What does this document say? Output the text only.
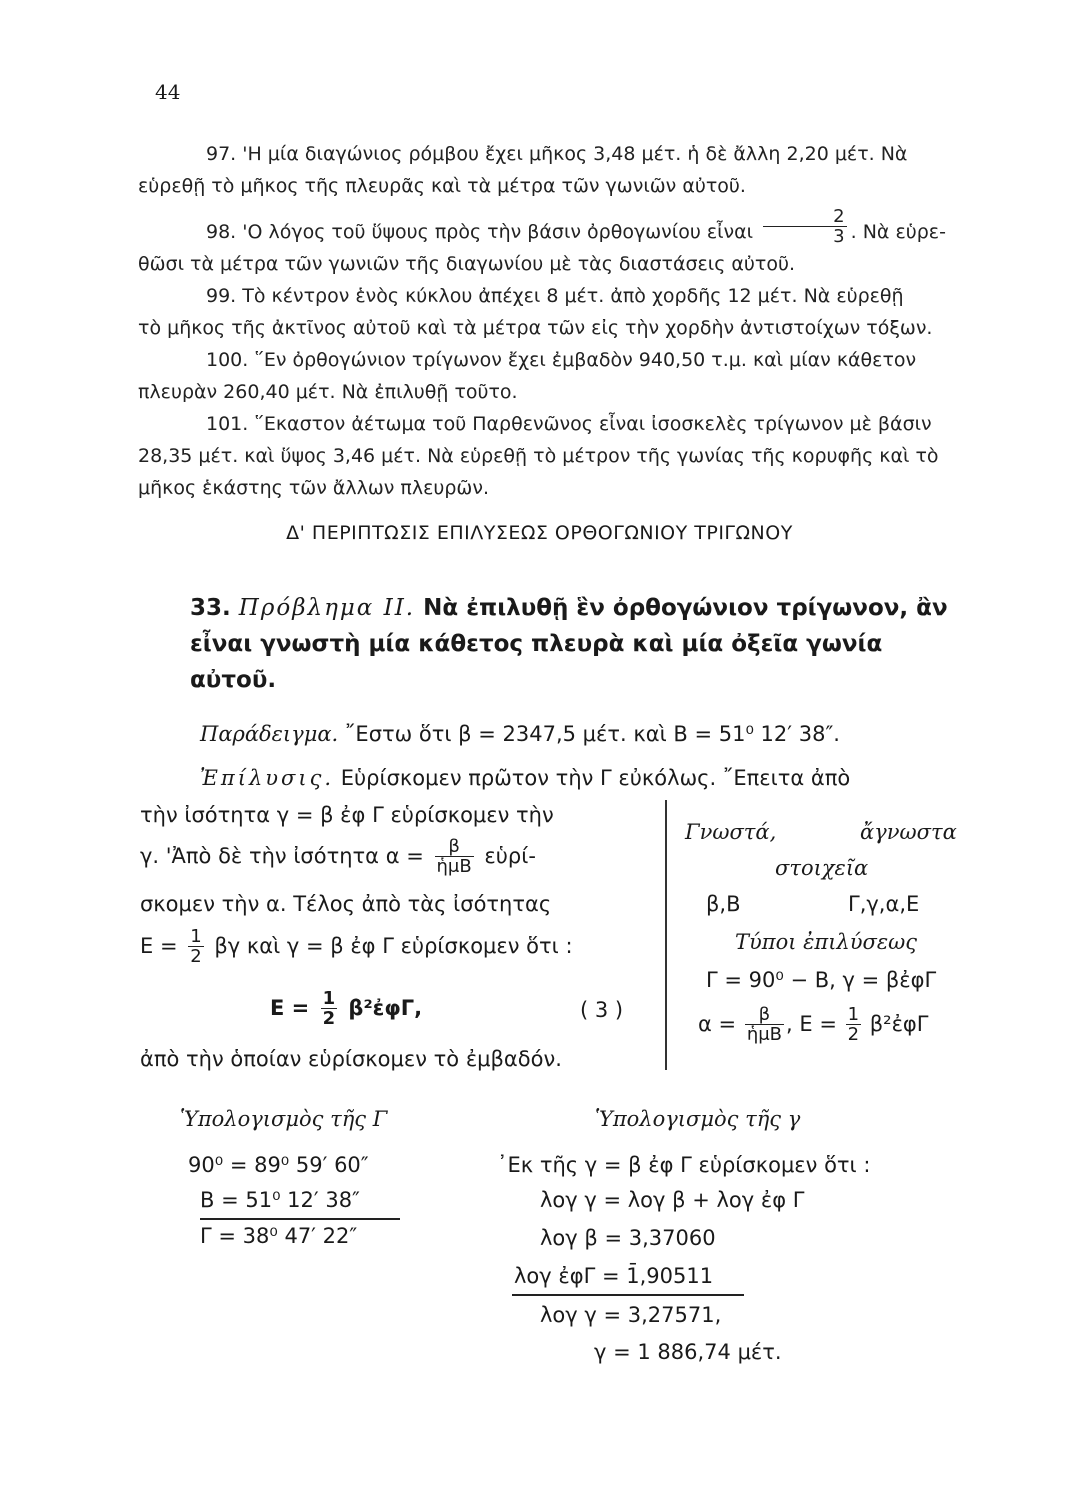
44

97. 'Η μία διαγώνιος ρόμβου ἔχει μῆκος 3,48 μέτ. ἡ δὲ ἄλλη 2,20 μέτ. Νὰ

εὑρεθῇ τὸ μῆκος τῆς πλευρᾶς καὶ τὰ μέτρα τῶν γωνιῶν αὐτοῦ.

98. 'Ο λόγος τοῦ ὕψους πρὸς τὴν βάσιν ὀρθογωνίου εἶναι $\frac{2}{3}$ . Νὰ εὑρε-

θῶσι τὰ μέτρα τῶν γωνιῶν τῆς διαγωνίου μὲ τὰς διαστάσεις αὐτοῦ.

99. Τὸ κέντρον ἑνὸς κύκλου ἀπέχει 8 μέτ. ἀπὸ χορδῆς 12 μέτ. Νὰ εὑρεθῇ

τὸ μῆκος τῆς ἀκτῖνος αὐτοῦ καὶ τὰ μέτρα τῶν εἰς τὴν χορδὴν ἀντιστοίχων τόξων.

100. ῞Εν ὀρθογώνιον τρίγωνον ἔχει ἐμβαδὸν 940,50 τ.μ. καὶ μίαν κάθετον

πλευρὰν 260,40 μέτ. Νὰ ἐπιλυθῇ τοῦτο.

101. ῞Εκαστον ἀέτωμα τοῦ Παρθενῶνος εἶναι ἰσοσκελὲς τρίγωνον μὲ βάσιν

28,35 μέτ. καὶ ὕψος 3,46 μέτ. Νὰ εὑρεθῇ τὸ μέτρον τῆς γωνίας τῆς κορυφῆς καὶ τὸ

μῆκος ἑκάστης τῶν ἄλλων πλευρῶν.

Δ' ΠΕΡΙΠΤΩΣΙΣ ΕΠΙΛΥΣΕΩΣ ΟΡΘΟΓΩΝΙΟΥ ΤΡΙΓΩΝΟΥ
33. Πρόβλημα ΙΙ. Νὰ ἐπιλυθῇ ἓν ὀρθογώνιον τρίγωνον, ἂν εἶναι γνωστὴ μία κάθετος πλευρὰ καὶ μία ὀξεῖα γωνία αὐτοῦ.
Παράδειγμα. ῎Εστω ὅτι β = 2347,5 μέτ. καὶ Β = 51⁰ 12′ 38″.
Ἐπίλυσις. Εὑρίσκομεν πρῶτον τὴν Γ εὐκόλως. ῎Επειτα ἀπὸ
τὴν ἰσότητα γ = β ἐφ Γ εὑρίσκομεν τὴν
γ. 'Ἀπὸ δὲ τὴν ἰσότητα $\alpha = \frac{\beta}{\text{ἡμΒ}}$ εὑρί-
σκομεν τὴν α. Τέλος ἀπὸ τὰς ἰσότητας
$E = \frac{1}{2}$ βγ καὶ γ = β ἐφ Γ εὑρίσκομεν ὅτι :
$E = \frac{1}{2}$ β²ἐφΓ,	( 3 )
ἀπὸ τὴν ὁποίαν εὑρίσκομεν τὸ ἐμβαδόν.
Γνωστά,	ἄγνωστα
στοιχεῖα
β,Β	Γ,γ,α,Ε
Τύποι ἐπιλύσεως
Γ = 90⁰ − Β, γ = βἐφΓ
$\alpha = \frac{\beta}{\text{ἡμΒ}}$ , $E = \frac{1}{2}$ β²ἐφΓ
Ὑπολογισμὸς τῆς Γ
90⁰ = 89⁰ 59′ 60″
Β = 51⁰ 12′ 38″
Γ = 38⁰ 47′ 22″
Ὑπολογισμὸς τῆς γ
᾿Εκ τῆς γ = β ἐφ Γ εὑρίσκομεν ὅτι :
λογ γ = λογ β + λογ ἐφ Γ
λογ β = 3,37060
λογ ἐφΓ = 1̄,90511
λογ γ = 3,27571,
γ = 1 886,74 μέτ.
